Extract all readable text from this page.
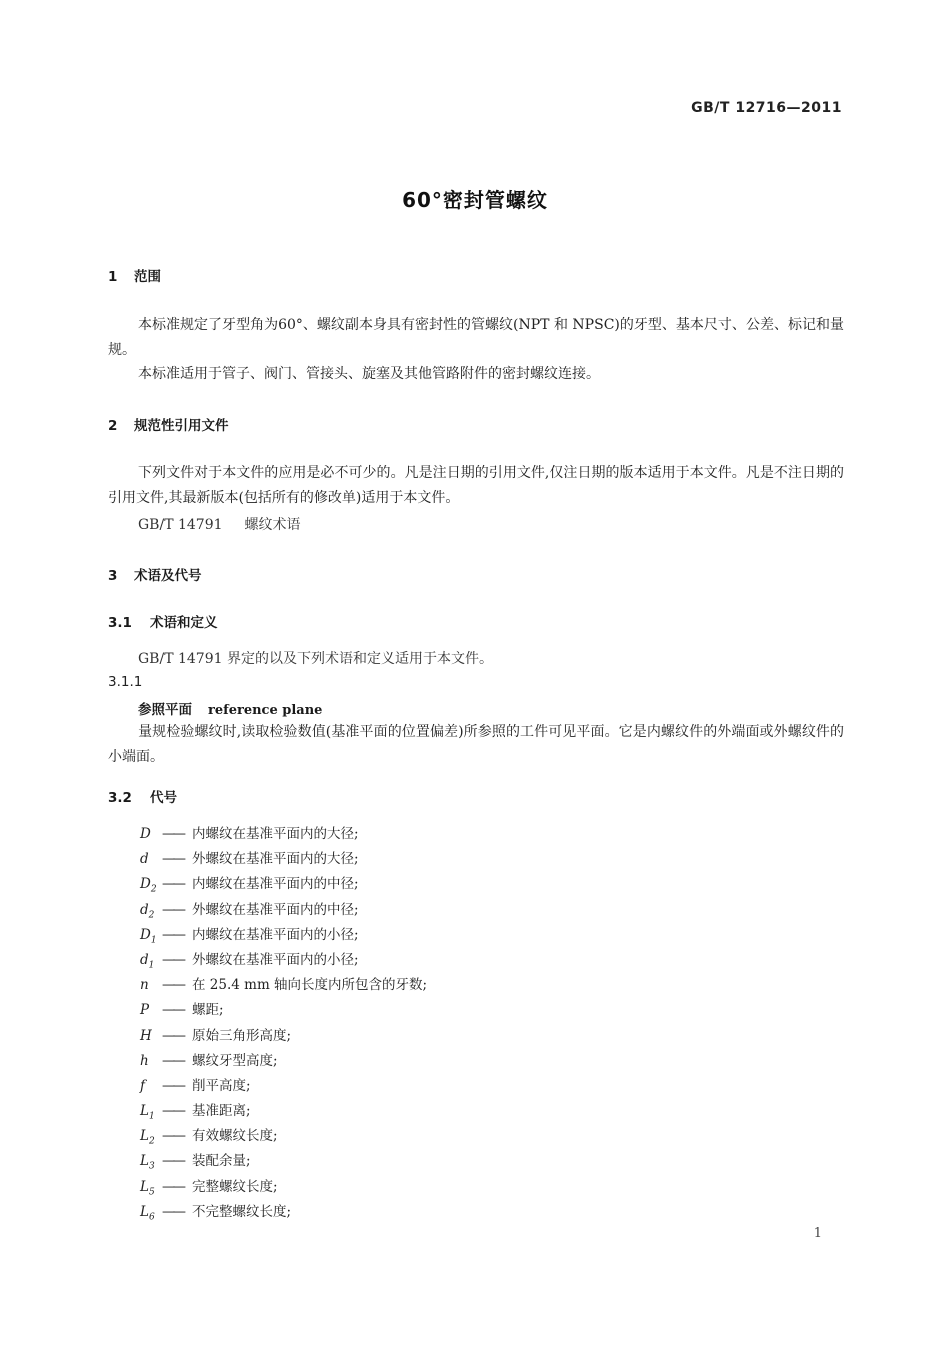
GB/T 12716—2011
60°密封管螺纹
1 范围
本标准规定了牙型角为60°、螺纹副本身具有密封性的管螺纹(NPT 和 NPSC)的牙型、基本尺寸、公差、标记和量规。
本标准适用于管子、阀门、管接头、旋塞及其他管路附件的密封螺纹连接。
2 规范性引用文件
下列文件对于本文件的应用是必不可少的。凡是注日期的引用文件,仅注日期的版本适用于本文件。凡是不注日期的引用文件,其最新版本(包括所有的修改单)适用于本文件。
GB/T 14791 螺纹术语
3 术语及代号
3.1 术语和定义
GB/T 14791 界定的以及下列术语和定义适用于本文件。
3.1.1
参照平面 reference plane
量规检验螺纹时,读取检验数值(基准平面的位置偏差)所参照的工件可见平面。它是内螺纹件的外端面或外螺纹件的小端面。
3.2 代号
D —— 内螺纹在基准平面内的大径;
d —— 外螺纹在基准平面内的大径;
$D_2$ —— 内螺纹在基准平面内的中径;
$d_2$ —— 外螺纹在基准平面内的中径;
$D_1$ —— 内螺纹在基准平面内的小径;
$d_1$ —— 外螺纹在基准平面内的小径;
n —— 在 25.4 mm 轴向长度内所包含的牙数;
P —— 螺距;
H —— 原始三角形高度;
h —— 螺纹牙型高度;
f —— 削平高度;
$L_1$ —— 基准距离;
$L_2$ —— 有效螺纹长度;
$L_3$ —— 装配余量;
$L_5$ —— 完整螺纹长度;
$L_6$ —— 不完整螺纹长度;
1
